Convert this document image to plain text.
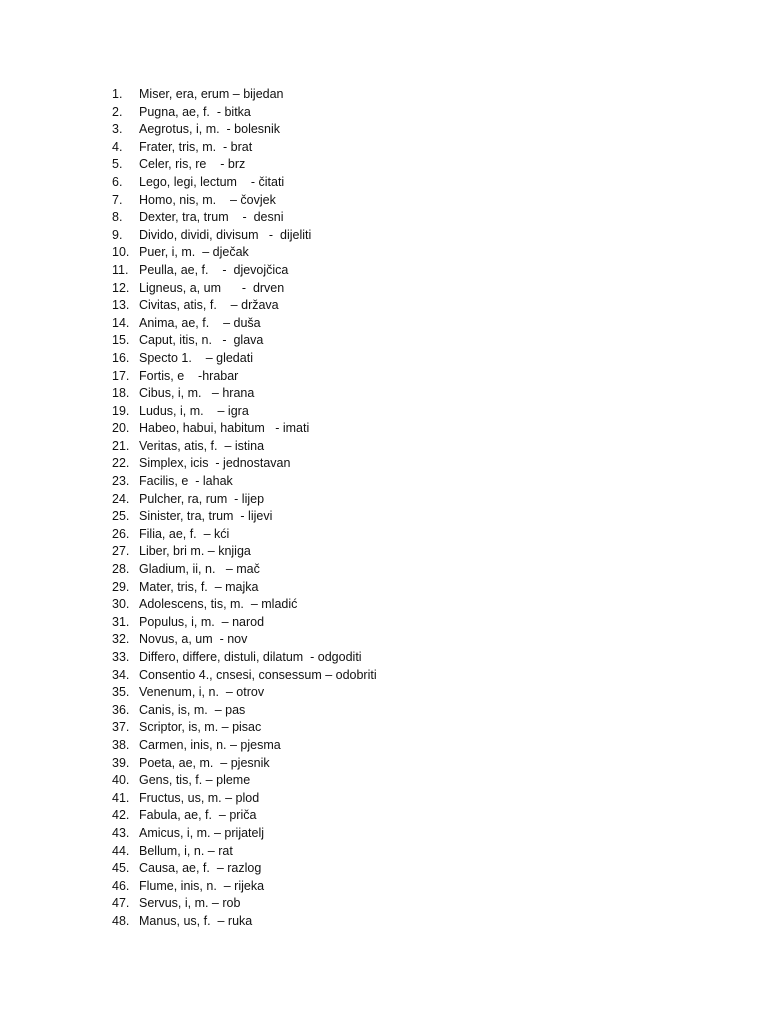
1.	Miser, era, erum – bijedan
2.	Pugna, ae, f.  - bitka
3.	Aegrotus, i, m.  - bolesnik
4.	Frater, tris, m.  - brat
5.	Celer, ris, re    - brz
6.	Lego, legi, lectum    - čitati
7.	Homo, nis, m.    – čovjek
8.	Dexter, tra, trum    -  desni
9.	Divido, dividi, divisum   -  dijeliti
10. Puer, i, m.  – dječak
11. Peulla, ae, f.    -  djevojčica
12. Ligneus, a, um      -  drven
13. Civitas, atis, f.    – država
14. Anima, ae, f.    – duša
15. Caput, itis, n.   -  glava
16. Specto 1.    – gledati
17. Fortis, e    -hrabar
18. Cibus, i, m.   – hrana
19. Ludus, i, m.    – igra
20. Habeo, habui, habitum   - imati
21. Veritas, atis, f.  – istina
22. Simplex, icis  - jednostavan
23. Facilis, e  - lahak
24. Pulcher, ra, rum  - lijep
25. Sinister, tra, trum  - lijevi
26. Filia, ae, f.  – kći
27. Liber, bri m. – knjiga
28. Gladium, ii, n.   – mač
29. Mater, tris, f.  – majka
30. Adolescens, tis, m.  – mladić
31. Populus, i, m.  – narod
32. Novus, a, um  - nov
33. Differo, differe, distuli, dilatum  - odgoditi
34. Consentio 4., cnsesi, consessum – odobriti
35. Venenum, i, n.  – otrov
36. Canis, is, m.  – pas
37. Scriptor, is, m. – pisac
38. Carmen, inis, n. – pjesma
39. Poeta, ae, m.  – pjesnik
40. Gens, tis, f. – pleme
41. Fructus, us, m. – plod
42. Fabula, ae, f.  – priča
43. Amicus, i, m. – prijatelj
44. Bellum, i, n. – rat
45. Causa, ae, f.  – razlog
46. Flume, inis, n.  – rijeka
47. Servus, i, m. – rob
48. Manus, us, f.  – ruka
